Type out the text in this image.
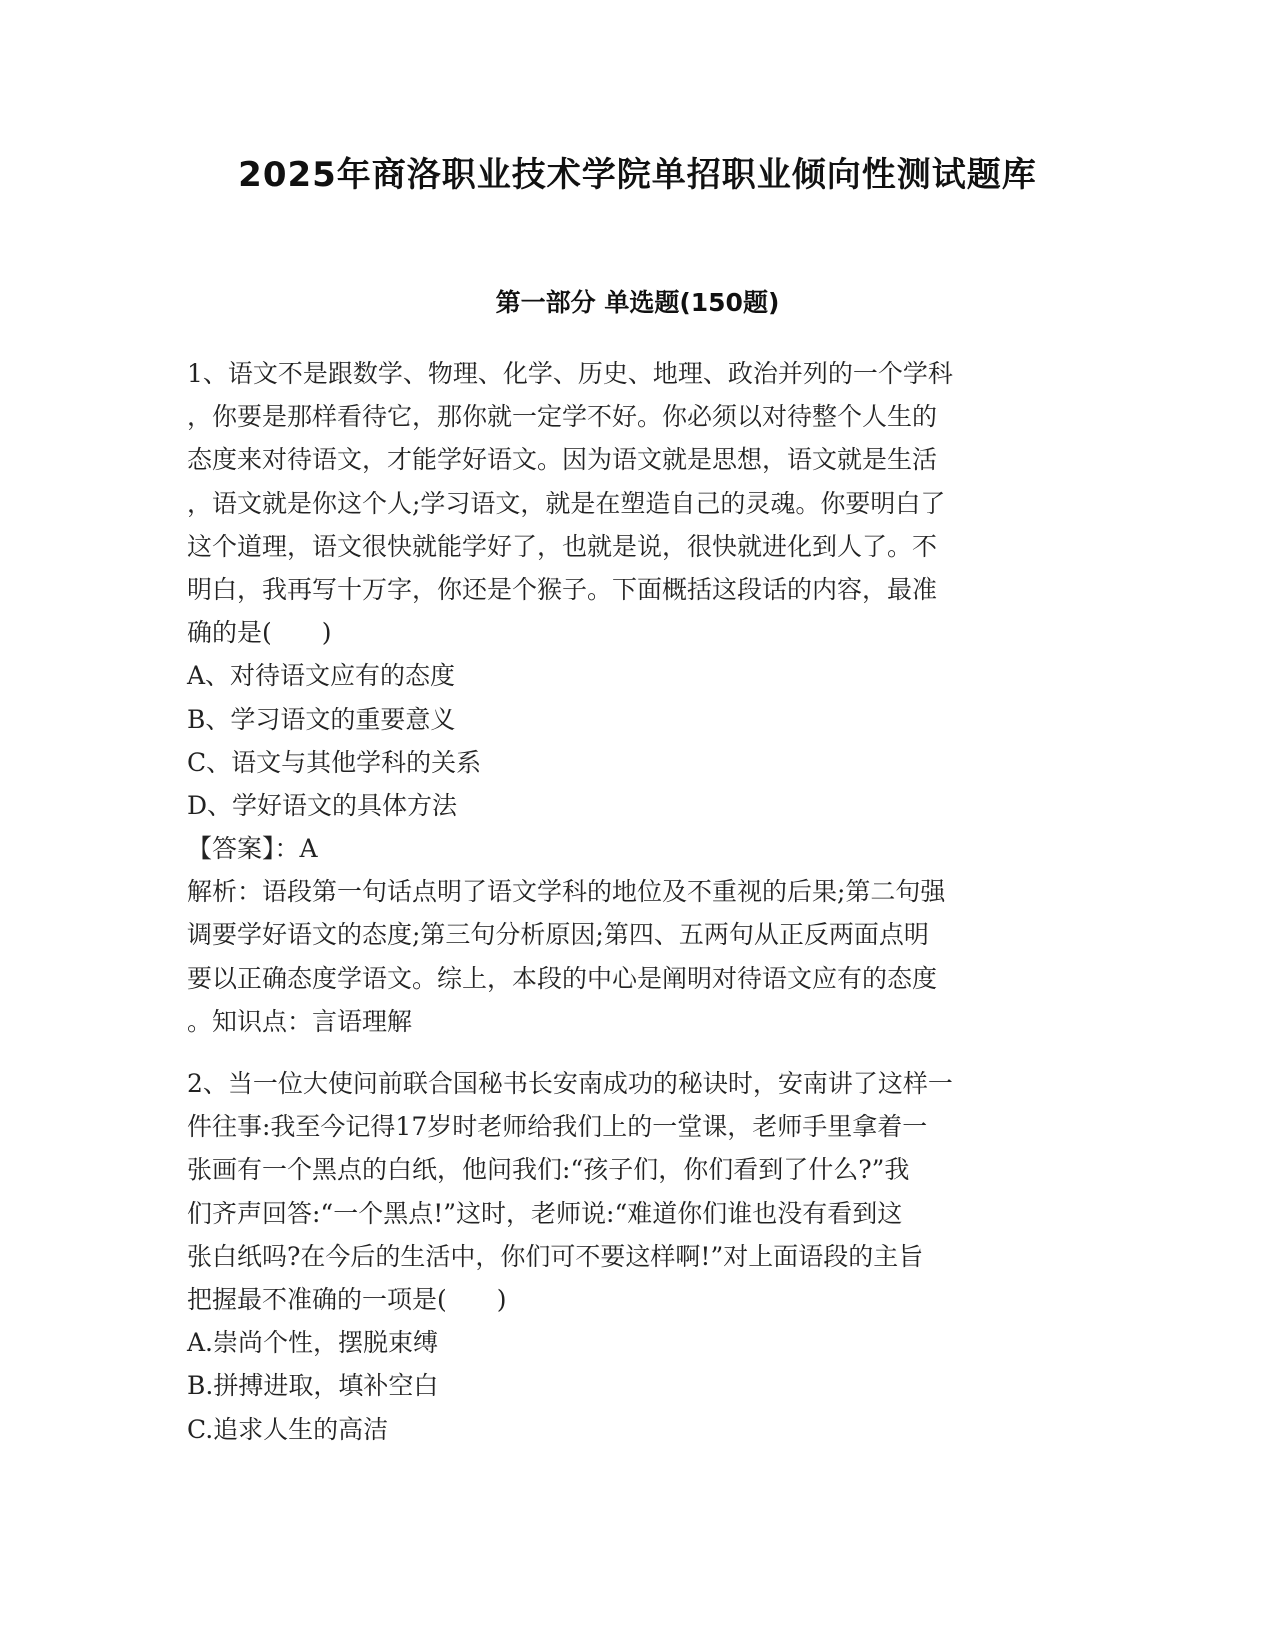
2025年商洛职业技术学院单招职业倾向性测试题库
第一部分 单选题(150题)
1、语文不是跟数学、物理、化学、历史、地理、政治并列的一个学科
，你要是那样看待它，那你就一定学不好。你必须以对待整个人生的
态度来对待语文，才能学好语文。因为语文就是思想，语文就是生活
，语文就是你这个人;学习语文，就是在塑造自己的灵魂。你要明白了
这个道理，语文很快就能学好了，也就是说，很快就进化到人了。不
明白，我再写十万字，你还是个猴子。下面概括这段话的内容，最准
确的是(　　)
A、对待语文应有的态度
B、学习语文的重要意义
C、语文与其他学科的关系
D、学好语文的具体方法
【答案】：A
解析：语段第一句话点明了语文学科的地位及不重视的后果;第二句强
调要学好语文的态度;第三句分析原因;第四、五两句从正反两面点明
要以正确态度学语文。综上，本段的中心是阐明对待语文应有的态度
。知识点：言语理解
2、当一位大使问前联合国秘书长安南成功的秘诀时，安南讲了这样一
件往事:我至今记得17岁时老师给我们上的一堂课，老师手里拿着一
张画有一个黑点的白纸，他问我们:“孩子们，你们看到了什么?”我
们齐声回答:“一个黑点!”这时，老师说:“难道你们谁也没有看到这
张白纸吗?在今后的生活中，你们可不要这样啊!”对上面语段的主旨
把握最不准确的一项是(　　)
A.崇尚个性，摆脱束缚
B.拼搏进取，填补空白
C.追求人生的高洁
